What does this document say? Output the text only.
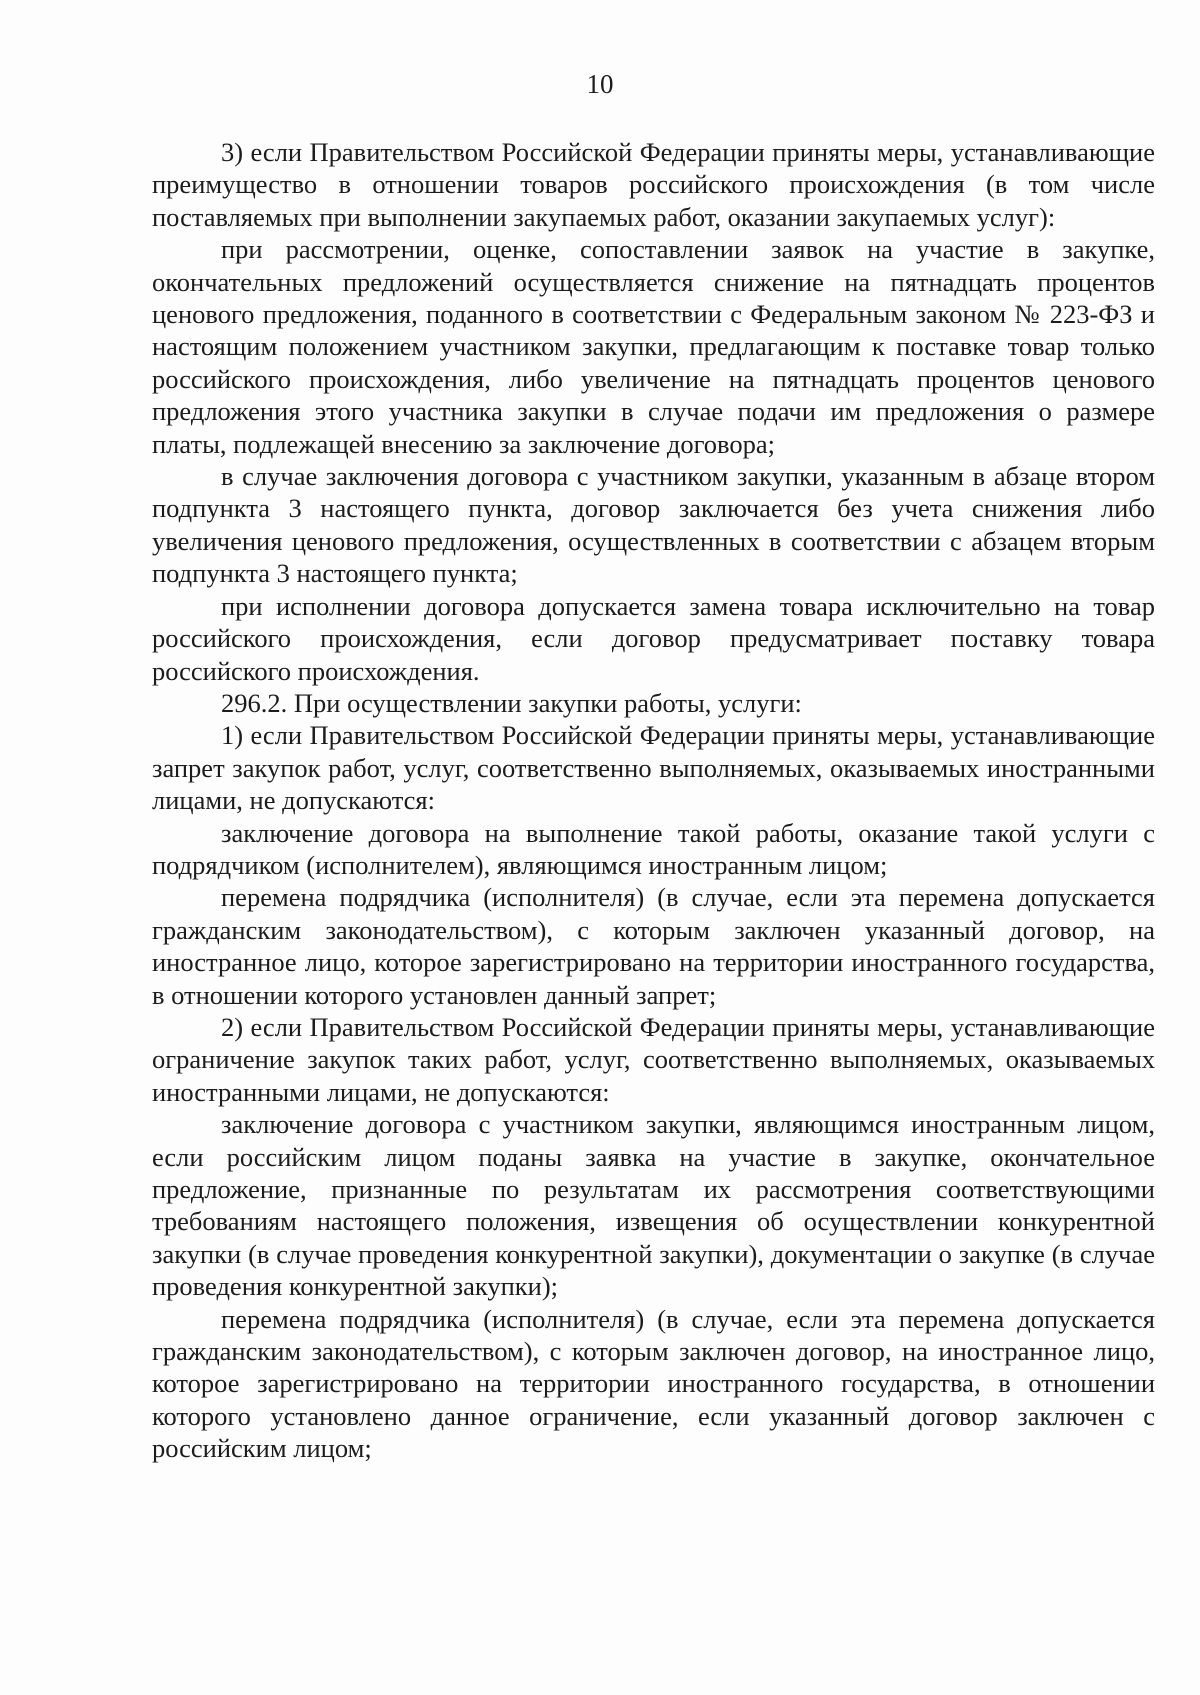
10

3) если Правительством Российской Федерации приняты меры, устанавливающие преимущество в отношении товаров российского происхождения (в том числе поставляемых при выполнении закупаемых работ, оказании закупаемых услуг):

при рассмотрении, оценке, сопоставлении заявок на участие в закупке, окончательных предложений осуществляется снижение на пятнадцать процентов ценового предложения, поданного в соответствии с Федеральным законом № 223-ФЗ и настоящим положением участником закупки, предлагающим к поставке товар только российского происхождения, либо увеличение на пятнадцать процентов ценового предложения этого участника закупки в случае подачи им предложения о размере платы, подлежащей внесению за заключение договора;

в случае заключения договора с участником закупки, указанным в абзаце втором подпункта 3 настоящего пункта, договор заключается без учета снижения либо увеличения ценового предложения, осуществленных в соответствии с абзацем вторым подпункта 3 настоящего пункта;

при исполнении договора допускается замена товара исключительно на товар российского происхождения, если договор предусматривает поставку товара российского происхождения.

296.2. При осуществлении закупки работы, услуги:

1) если Правительством Российской Федерации приняты меры, устанавливающие запрет закупок работ, услуг, соответственно выполняемых, оказываемых иностранными лицами, не допускаются:

заключение договора на выполнение такой работы, оказание такой услуги с подрядчиком (исполнителем), являющимся иностранным лицом;

перемена подрядчика (исполнителя) (в случае, если эта перемена допускается гражданским законодательством), с которым заключен указанный договор, на иностранное лицо, которое зарегистрировано на территории иностранного государства, в отношении которого установлен данный запрет;

2) если Правительством Российской Федерации приняты меры, устанавливающие ограничение закупок таких работ, услуг, соответственно выполняемых, оказываемых иностранными лицами, не допускаются:

заключение договора с участником закупки, являющимся иностранным лицом, если российским лицом поданы заявка на участие в закупке, окончательное предложение, признанные по результатам их рассмотрения соответствующими требованиям настоящего положения, извещения об осуществлении конкурентной закупки (в случае проведения конкурентной закупки), документации о закупке (в случае проведения конкурентной закупки);

перемена подрядчика (исполнителя) (в случае, если эта перемена допускается гражданским законодательством), с которым заключен договор, на иностранное лицо, которое зарегистрировано на территории иностранного государства, в отношении которого установлено данное ограничение, если указанный договор заключен с российским лицом;
